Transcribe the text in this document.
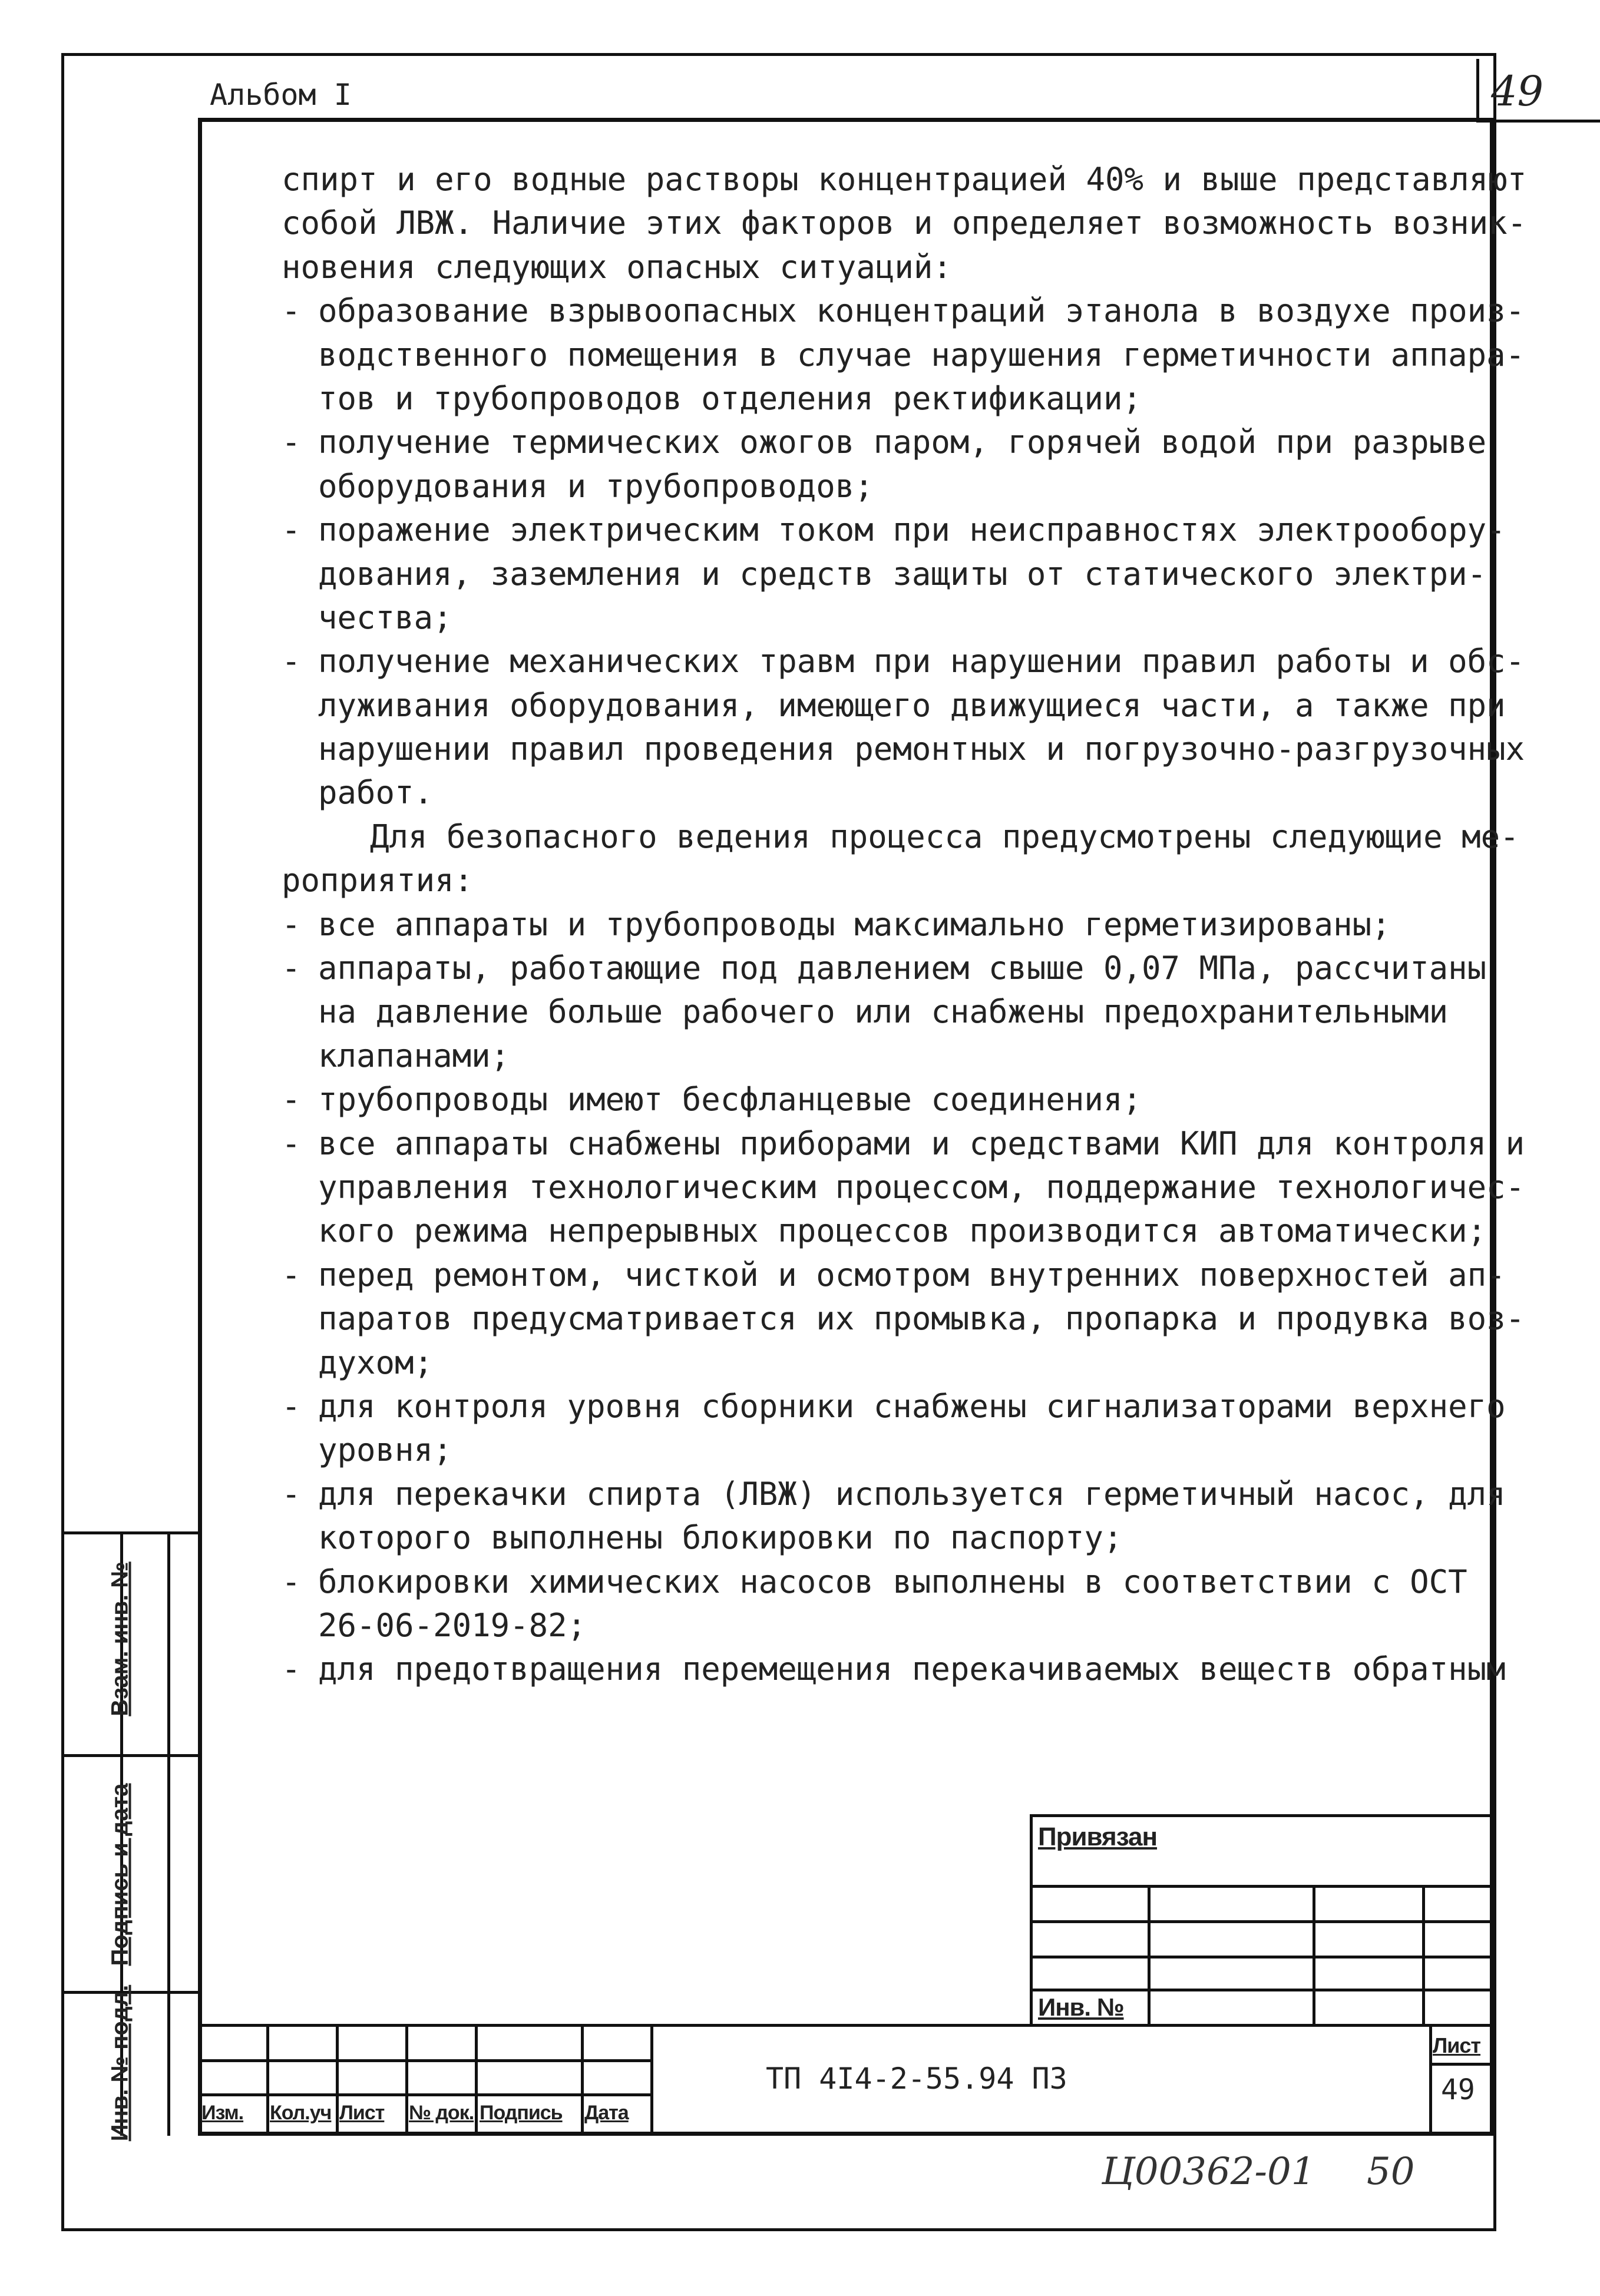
Альбом I	49
спирт и его водные растворы концентрацией 40% и выше представляют
собой ЛВЖ. Наличие этих факторов и определяет возможность возник-
новения следующих опасных ситуаций:
- образование взрывоопасных концентраций этанола в воздухе произ-
водственного помещения в случае нарушения герметичности аппара-
тов и трубопроводов отделения ректификации;
- получение термических ожогов паром, горячей водой при разрыве
оборудования и трубопроводов;
- поражение электрическим током при неисправностях электрообору-
дования, заземления и средств защиты от статического электри-
чества;
- получение механических травм при нарушении правил работы и обс-
луживания оборудования, имеющего движущиеся части, а также при
нарушении правил проведения ремонтных и погрузочно-разгрузочных
работ.
Для безопасного ведения процесса предусмотрены следующие ме-
роприятия:
- все аппараты и трубопроводы максимально герметизированы;
- аппараты, работающие под давлением свыше 0,07 МПа, рассчитаны
на давление больше рабочего или снабжены предохранительными
клапанами;
- трубопроводы имеют бесфланцевые соединения;
- все аппараты снабжены приборами и средствами КИП для контроля и
управления технологическим процессом, поддержание технологичес-
кого режима непрерывных процессов производится автоматически;
- перед ремонтом, чисткой и осмотром внутренних поверхностей ап-
паратов предусматривается их промывка, пропарка и продувка воз-
духом;
- для контроля уровня сборники снабжены сигнализаторами верхнего
уровня;
- для перекачки спирта (ЛВЖ) используется герметичный насос, для
которого выполнены блокировки по паспорту;
- блокировки химических насосов выполнены в соответствии с ОСТ
26-06-2019-82;
- для предотвращения перемещения перекачиваемых веществ обратным
Взам. инв. №
Подпись и дата
Инв. № подл.
Привязан
Инв. №
Изм. Кол.уч Лист № док. Подпись Дата
Лист
49
ТП 4I4-2-55.94 ПЗ
Ц00362-01 50
